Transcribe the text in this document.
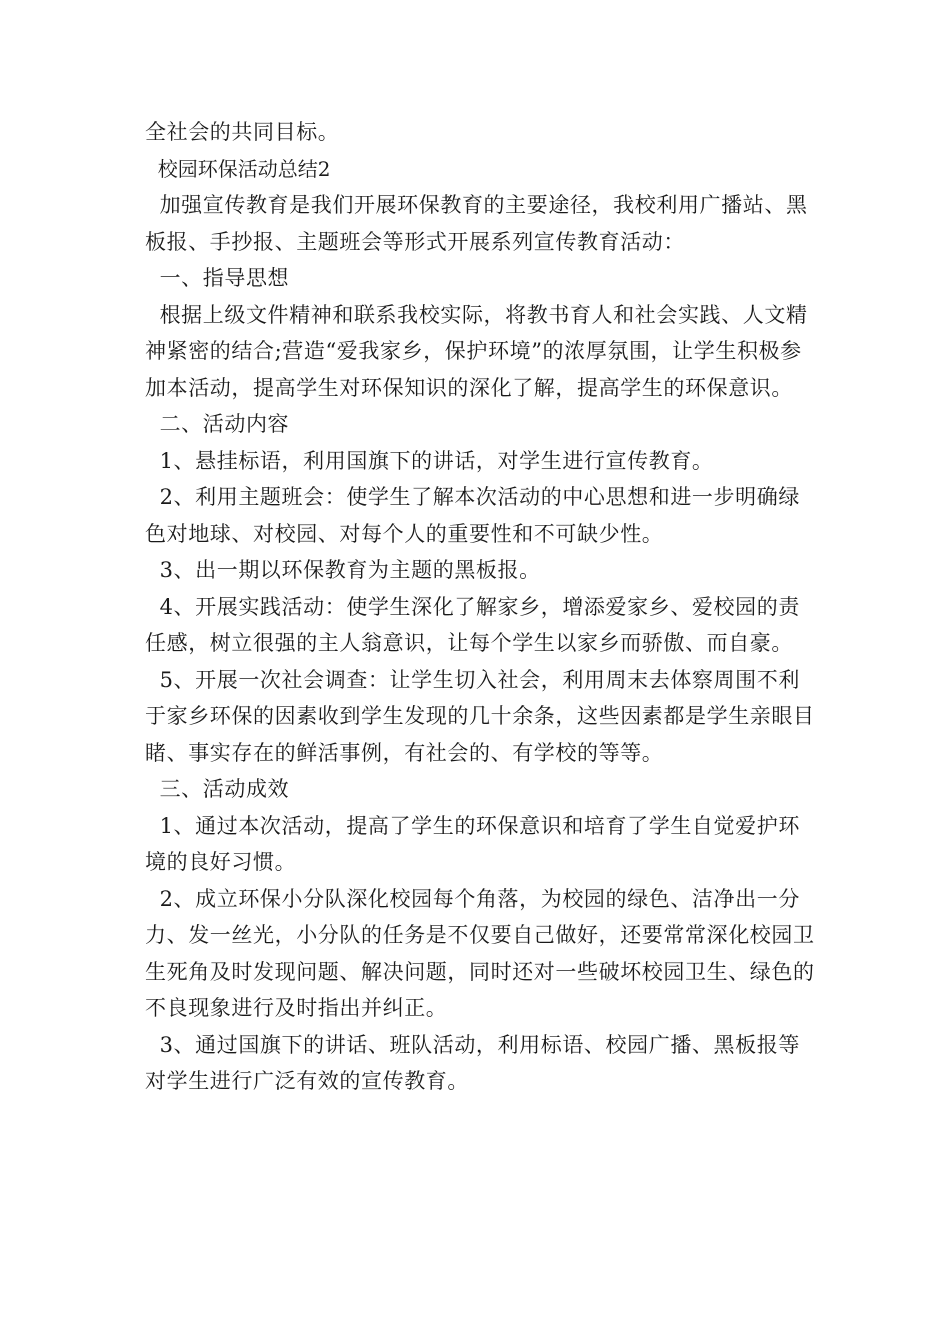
全社会的共同目标。

校园环保活动总结2

加强宣传教育是我们开展环保教育的主要途径，我校利用广播站、黑板报、手抄报、主题班会等形式开展系列宣传教育活动：

一、指导思想

根据上级文件精神和联系我校实际，将教书育人和社会实践、人文精神紧密的结合;营造“爱我家乡，保护环境”的浓厚氛围，让学生积极参加本活动，提高学生对环保知识的深化了解，提高学生的环保意识。

二、活动内容

1、悬挂标语，利用国旗下的讲话，对学生进行宣传教育。

2、利用主题班会：使学生了解本次活动的中心思想和进一步明确绿色对地球、对校园、对每个人的重要性和不可缺少性。

3、出一期以环保教育为主题的黑板报。

4、开展实践活动：使学生深化了解家乡，增添爱家乡、爱校园的责任感，树立很强的主人翁意识，让每个学生以家乡而骄傲、而自豪。

5、开展一次社会调查：让学生切入社会，利用周末去体察周围不利于家乡环保的因素收到学生发现的几十余条，这些因素都是学生亲眼目睹、事实存在的鲜活事例，有社会的、有学校的等等。

三、活动成效

1、通过本次活动，提高了学生的环保意识和培育了学生自觉爱护环境的良好习惯。

2、成立环保小分队深化校园每个角落，为校园的绿色、洁净出一分力、发一丝光，小分队的任务是不仅要自己做好，还要常常深化校园卫生死角及时发现问题、解决问题，同时还对一些破坏校园卫生、绿色的不良现象进行及时指出并纠正。

3、通过国旗下的讲话、班队活动，利用标语、校园广播、黑板报等对学生进行广泛有效的宣传教育。
